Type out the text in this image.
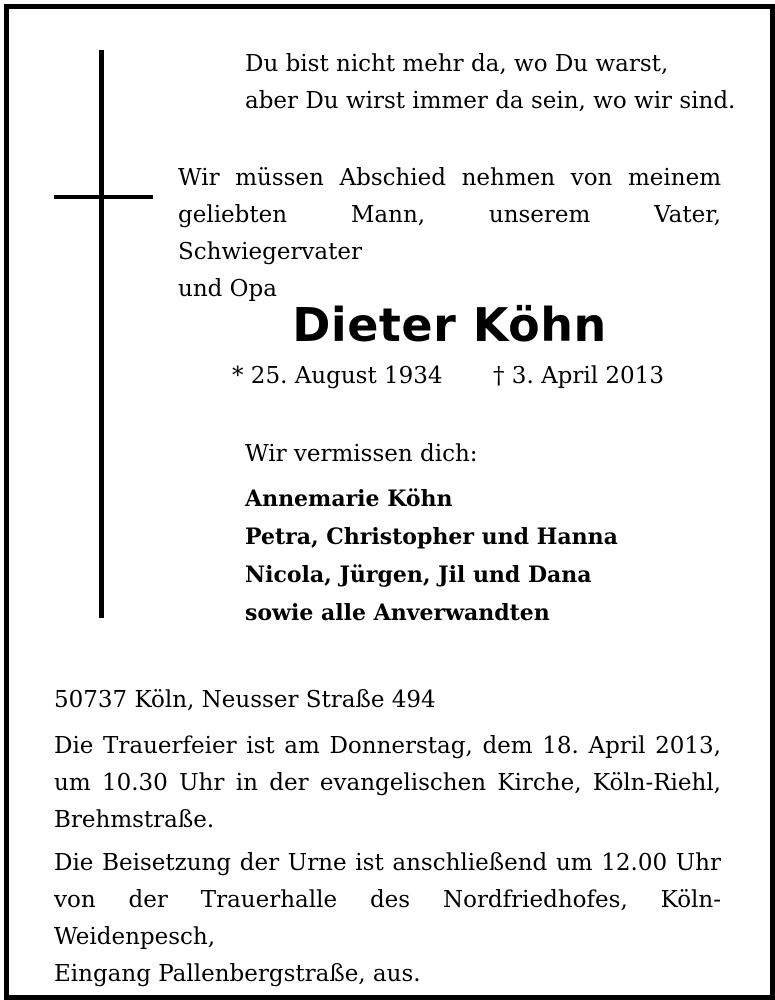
Du bist nicht mehr da, wo Du warst,
aber Du wirst immer da sein, wo wir sind.
Wir müssen Abschied nehmen von meinem
geliebten Mann, unserem Vater, Schwiegervater
und Opa
Dieter Köhn
* 25. August 1934 † 3. April 2013
Wir vermissen dich:
Annemarie Köhn
Petra, Christopher und Hanna
Nicola, Jürgen, Jil und Dana
sowie alle Anverwandten
50737 Köln, Neusser Straße 494
Die Trauerfeier ist am Donnerstag, dem 18. April 2013,
um 10.30 Uhr in der evangelischen Kirche, Köln-Riehl,
Brehmstraße.
Die Beisetzung der Urne ist anschließend um 12.00 Uhr
von der Trauerhalle des Nordfriedhofes, Köln-Weidenpesch,
Eingang Pallenbergstraße, aus.
